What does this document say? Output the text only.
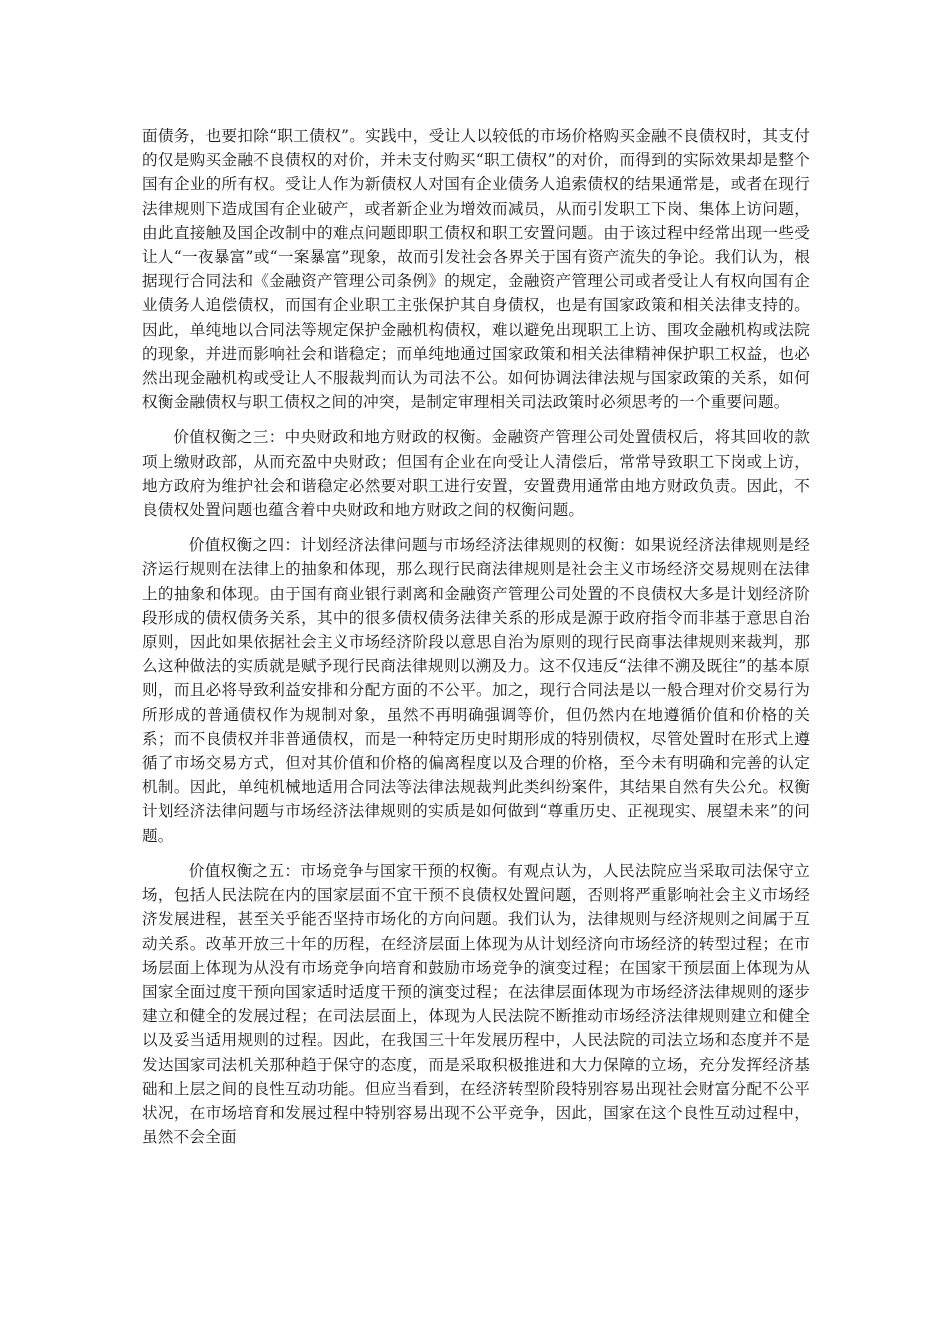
面债务，也要扣除“职工债权”。实践中，受让人以较低的市场价格购买金融不良债权时，其支付的仅是购买金融不良债权的对价，并未支付购买“职工债权”的对价，而得到的实际效果却是整个国有企业的所有权。受让人作为新债权人对国有企业债务人追索债权的结果通常是，或者在现行法律规则下造成国有企业破产，或者新企业为增效而减员，从而引发职工下岗、集体上访问题，由此直接触及国企改制中的难点问题即职工债权和职工安置问题。由于该过程中经常出现一些受让人“一夜暴富”或“一案暴富”现象，故而引发社会各界关于国有资产流失的争论。我们认为，根据现行合同法和《金融资产管理公司条例》的规定，金融资产管理公司或者受让人有权向国有企业债务人追偿债权，而国有企业职工主张保护其自身债权，也是有国家政策和相关法律支持的。因此，单纯地以合同法等规定保护金融机构债权，难以避免出现职工上访、围攻金融机构或法院的现象，并进而影响社会和谐稳定；而单纯地通过国家政策和相关法律精神保护职工权益，也必然出现金融机构或受让人不服裁判而认为司法不公。如何协调法律法规与国家政策的关系，如何权衡金融债权与职工债权之间的冲突，是制定审理相关司法政策时必须思考的一个重要问题。

价值权衡之三：中央财政和地方财政的权衡。金融资产管理公司处置债权后，将其回收的款项上缴财政部，从而充盈中央财政；但国有企业在向受让人清偿后，常常导致职工下岗或上访，地方政府为维护社会和谐稳定必然要对职工进行安置，安置费用通常由地方财政负责。因此，不良债权处置问题也蕴含着中央财政和地方财政之间的权衡问题。

价值权衡之四：计划经济法律问题与市场经济法律规则的权衡：如果说经济法律规则是经济运行规则在法律上的抽象和体现，那么现行民商法律规则是社会主义市场经济交易规则在法律上的抽象和体现。由于国有商业银行剥离和金融资产管理公司处置的不良债权大多是计划经济阶段形成的债权债务关系，其中的很多债权债务法律关系的形成是源于政府指令而非基于意思自治原则，因此如果依据社会主义市场经济阶段以意思自治为原则的现行民商事法律规则来裁判，那么这种做法的实质就是赋予现行民商法律规则以溯及力。这不仅违反“法律不溯及既往”的基本原则，而且必将导致利益安排和分配方面的不公平。加之，现行合同法是以一般合理对价交易行为所形成的普通债权作为规制对象，虽然不再明确强调等价，但仍然内在地遵循价值和价格的关系；而不良债权并非普通债权，而是一种特定历史时期形成的特别债权，尽管处置时在形式上遵循了市场交易方式，但对其价值和价格的偏离程度以及合理的价格，至今未有明确和完善的认定机制。因此，单纯机械地适用合同法等法律法规裁判此类纠纷案件，其结果自然有失公允。权衡计划经济法律问题与市场经济法律规则的实质是如何做到“尊重历史、正视现实、展望未来”的问题。

价值权衡之五：市场竞争与国家干预的权衡。有观点认为，人民法院应当采取司法保守立场，包括人民法院在内的国家层面不宜干预不良债权处置问题，否则将严重影响社会主义市场经济发展进程，甚至关乎能否坚持市场化的方向问题。我们认为，法律规则与经济规则之间属于互动关系。改革开放三十年的历程，在经济层面上体现为从计划经济向市场经济的转型过程；在市场层面上体现为从没有市场竞争向培育和鼓励市场竞争的演变过程；在国家干预层面上体现为从国家全面过度干预向国家适时适度干预的演变过程；在法律层面体现为市场经济法律规则的逐步建立和健全的发展过程；在司法层面上，体现为人民法院不断推动市场经济法律规则建立和健全以及妥当适用规则的过程。因此，在我国三十年发展历程中，人民法院的司法立场和态度并不是发达国家司法机关那种趋于保守的态度，而是采取积极推进和大力保障的立场，充分发挥经济基础和上层之间的良性互动功能。但应当看到，在经济转型阶段特别容易出现社会财富分配不公平状况，在市场培育和发展过程中特别容易出现不公平竞争，因此，国家在这个良性互动过程中，虽然不会全面
